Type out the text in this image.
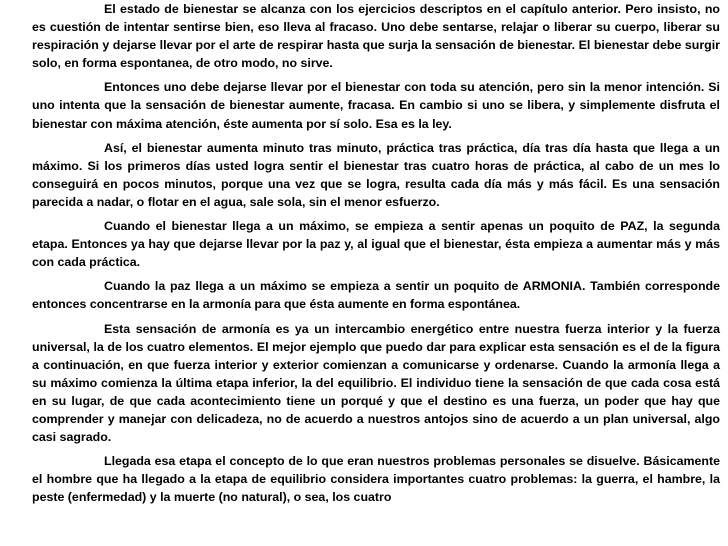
El estado de bienestar se alcanza con los ejercicios descriptos en el capítulo anterior. Pero insisto, no es cuestión de intentar sentirse bien, eso lleva al fracaso. Uno debe sentarse, relajar o liberar su cuerpo, liberar su respiración y dejarse llevar por el arte de respirar hasta que surja la sensación de bienestar. El bienestar debe surgir solo, en forma espontanea, de otro modo, no sirve.

Entonces uno debe dejarse llevar por el bienestar con toda su atención, pero sin la menor intención. Si uno intenta que la sensación de bienestar aumente, fracasa. En cambio si uno se libera, y simplemente disfruta el bienestar con máxima atención, éste aumenta por sí solo. Esa es la ley.

Así, el bienestar aumenta minuto tras minuto, práctica tras práctica, día tras día hasta que llega a un máximo. Si los primeros días usted logra sentir el bienestar tras cuatro horas de práctica, al cabo de un mes lo conseguirá en pocos minutos, porque una vez que se logra, resulta cada día más y más fácil. Es una sensación parecida a nadar, o flotar en el agua, sale sola, sin el menor esfuerzo.

Cuando el bienestar llega a un máximo, se empieza a sentir apenas un poquito de PAZ, la segunda etapa. Entonces ya hay que dejarse llevar por la paz y, al igual que el bienestar, ésta empieza a aumentar más y más con cada práctica.

Cuando la paz llega a un máximo se empieza a sentir un poquito de ARMONIA. También corresponde entonces concentrarse en la armonía para que ésta aumente en forma espontánea.

Esta sensación de armonía es ya un intercambio energético entre nuestra fuerza interior y la fuerza universal, la de los cuatro elementos. El mejor ejemplo que puedo dar para explicar esta sensación es el de la figura a continuación, en que fuerza interior y exterior comienzan a comunicarse y ordenarse. Cuando la armonía llega a su máximo comienza la última etapa inferior, la del equilibrio. El individuo tiene la sensación de que cada cosa está en su lugar, de que cada acontecimiento tiene un porqué y que el destino es una fuerza, un poder que hay que comprender y manejar con delicadeza, no de acuerdo a nuestros antojos sino de acuerdo a un plan universal, algo casi sagrado.

Llegada esa etapa el concepto de lo que eran nuestros problemas personales se disuelve. Básicamente el hombre que ha llegado a la etapa de equilibrio considera importantes cuatro problemas: la guerra, el hambre, la peste (enfermedad) y la muerte (no natural), o sea, los cuatro
